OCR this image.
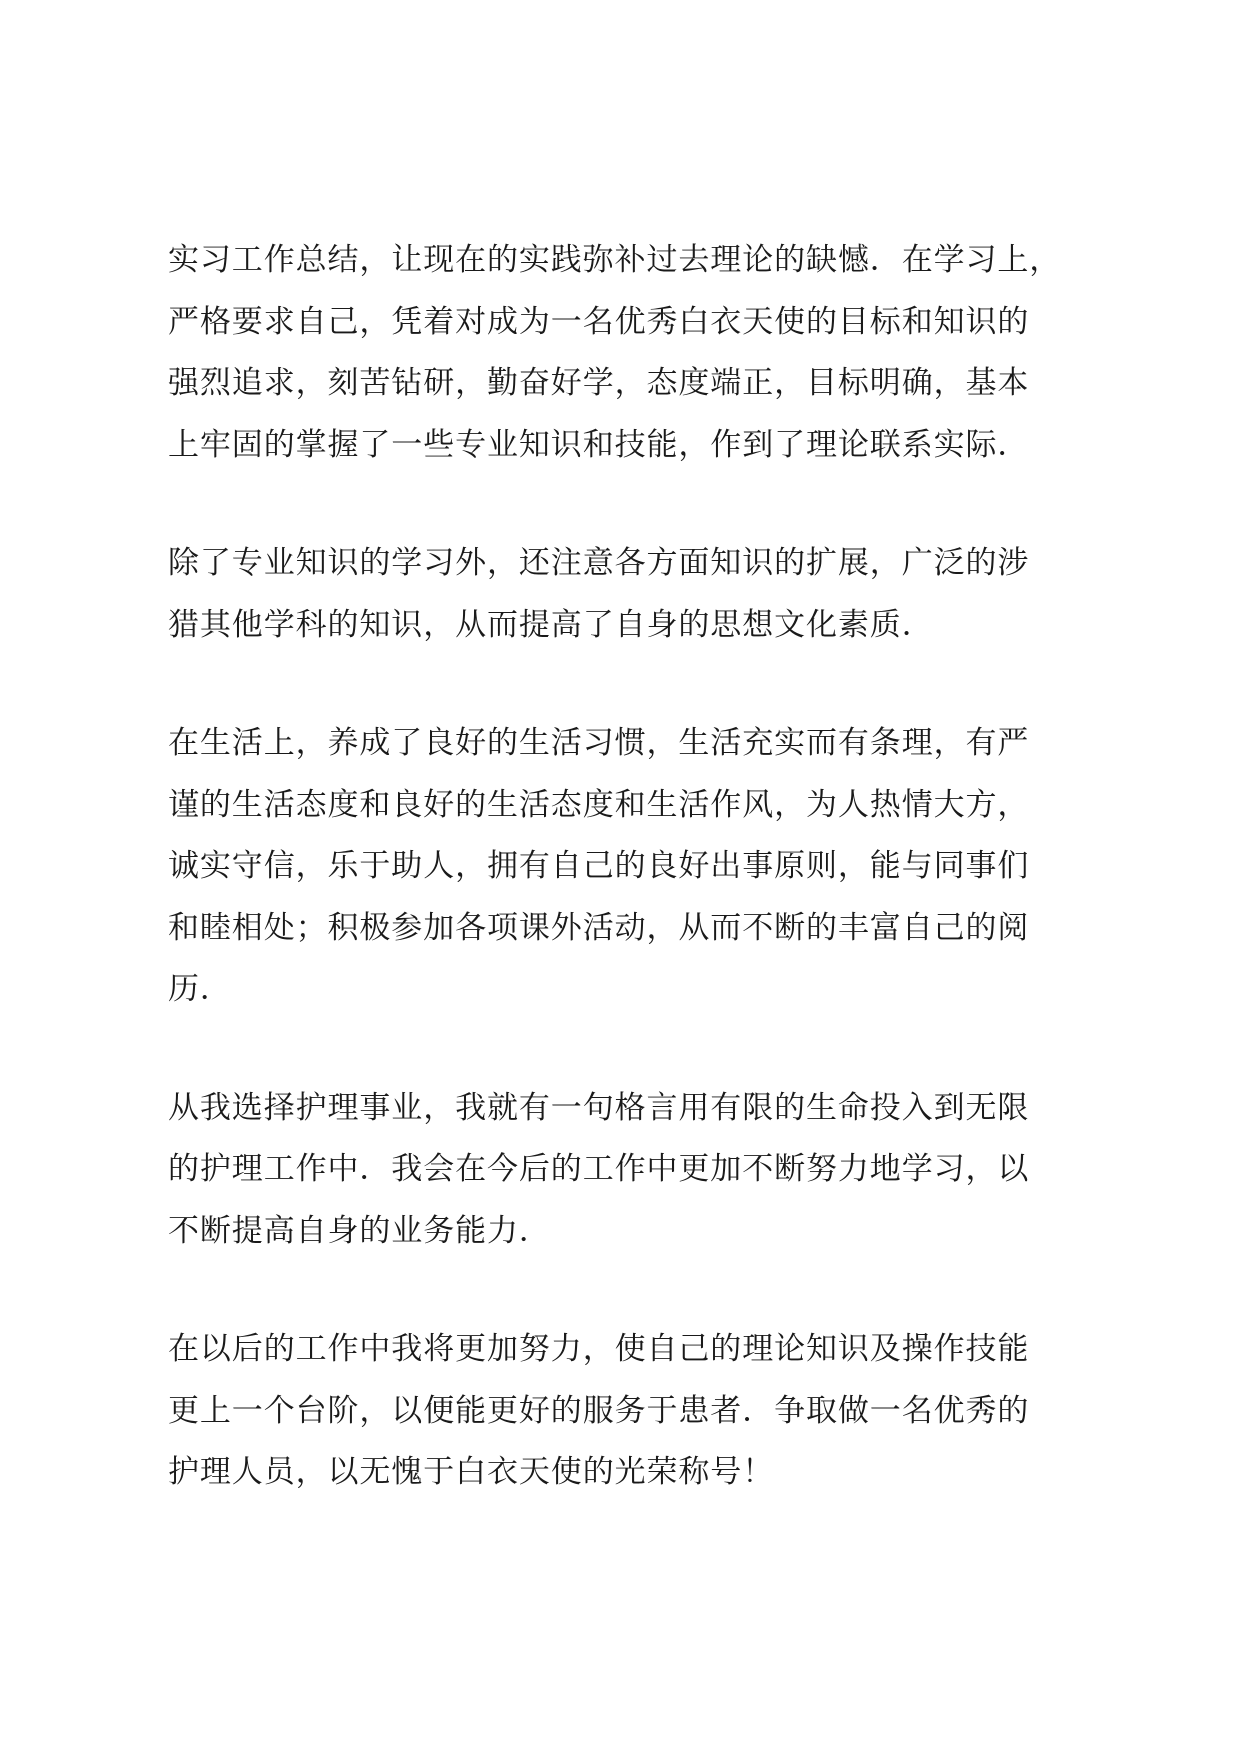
实习工作总结，让现在的实践弥补过去理论的缺憾．在学习上，
严格要求自己，凭着对成为一名优秀白衣天使的目标和知识的
强烈追求，刻苦钻研，勤奋好学，态度端正，目标明确，基本
上牢固的掌握了一些专业知识和技能，作到了理论联系实际．

除了专业知识的学习外，还注意各方面知识的扩展，广泛的涉
猎其他学科的知识，从而提高了自身的思想文化素质．

在生活上，养成了良好的生活习惯，生活充实而有条理，有严
谨的生活态度和良好的生活态度和生活作风，为人热情大方，
诚实守信，乐于助人，拥有自己的良好出事原则，能与同事们
和睦相处；积极参加各项课外活动，从而不断的丰富自己的阅
历．

从我选择护理事业，我就有一句格言用有限的生命投入到无限
的护理工作中．我会在今后的工作中更加不断努力地学习，以
不断提高自身的业务能力．

在以后的工作中我将更加努力，使自己的理论知识及操作技能
更上一个台阶，以便能更好的服务于患者．争取做一名优秀的
护理人员，以无愧于白衣天使的光荣称号！
